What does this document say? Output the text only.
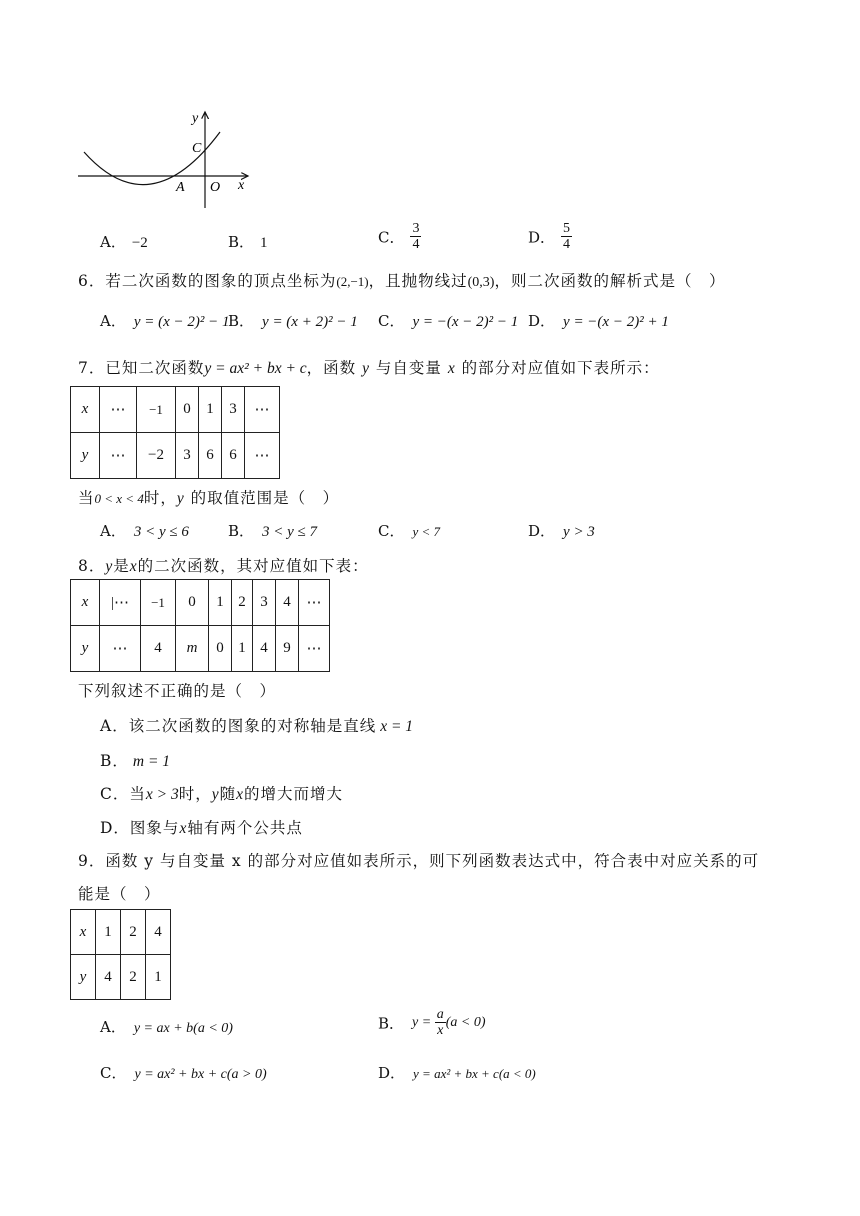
y
C
A O x
A． −2	B． 1	C． $\frac{3}{4}$	D． $\frac{5}{4}$
6．若二次函数的图象的顶点坐标为(2,−1)，且抛物线过(0,3)，则二次函数的解析式是（　）
A． y = (x − 2)² − 1
B． y = (x + 2)² − 1 C． y = −(x − 2)² − 1 D． y = −(x − 2)² + 1
7．已知二次函数y = ax² + bx + c，函数 y 与自变量 x 的部分对应值如下表所示：
x	⋯	−1	0	1	3	⋯
y	⋯	−2	3	6	6	⋯
当0 < x < 4时，y 的取值范围是（　）
A． 3 < y ≤ 6	B． 3 < y ≤ 7	C． y < 7	D． y > 3
8．y是x的二次函数，其对应值如下表：
x	|⋯	−1	0	1	2	3	4	⋯
y	⋯	4	m	0	1	4	9	⋯
下列叙述不正确的是（　）
A．该二次函数的图象的对称轴是直线 x = 1
B． m = 1
C．当x > 3时，y随x的增大而增大
D．图象与x轴有两个公共点
9．函数 y 与自变量 x 的部分对应值如表所示，则下列函数表达式中，符合表中对应关系的可
能是（　）
x	1	2	4
y	4	2	1
A． y = ax + b(a < 0)	B． $y = \frac{a}{x} (a < 0)$
C． y = ax² + bx + c(a > 0)	D． y = ax² + bx + c(a < 0)
